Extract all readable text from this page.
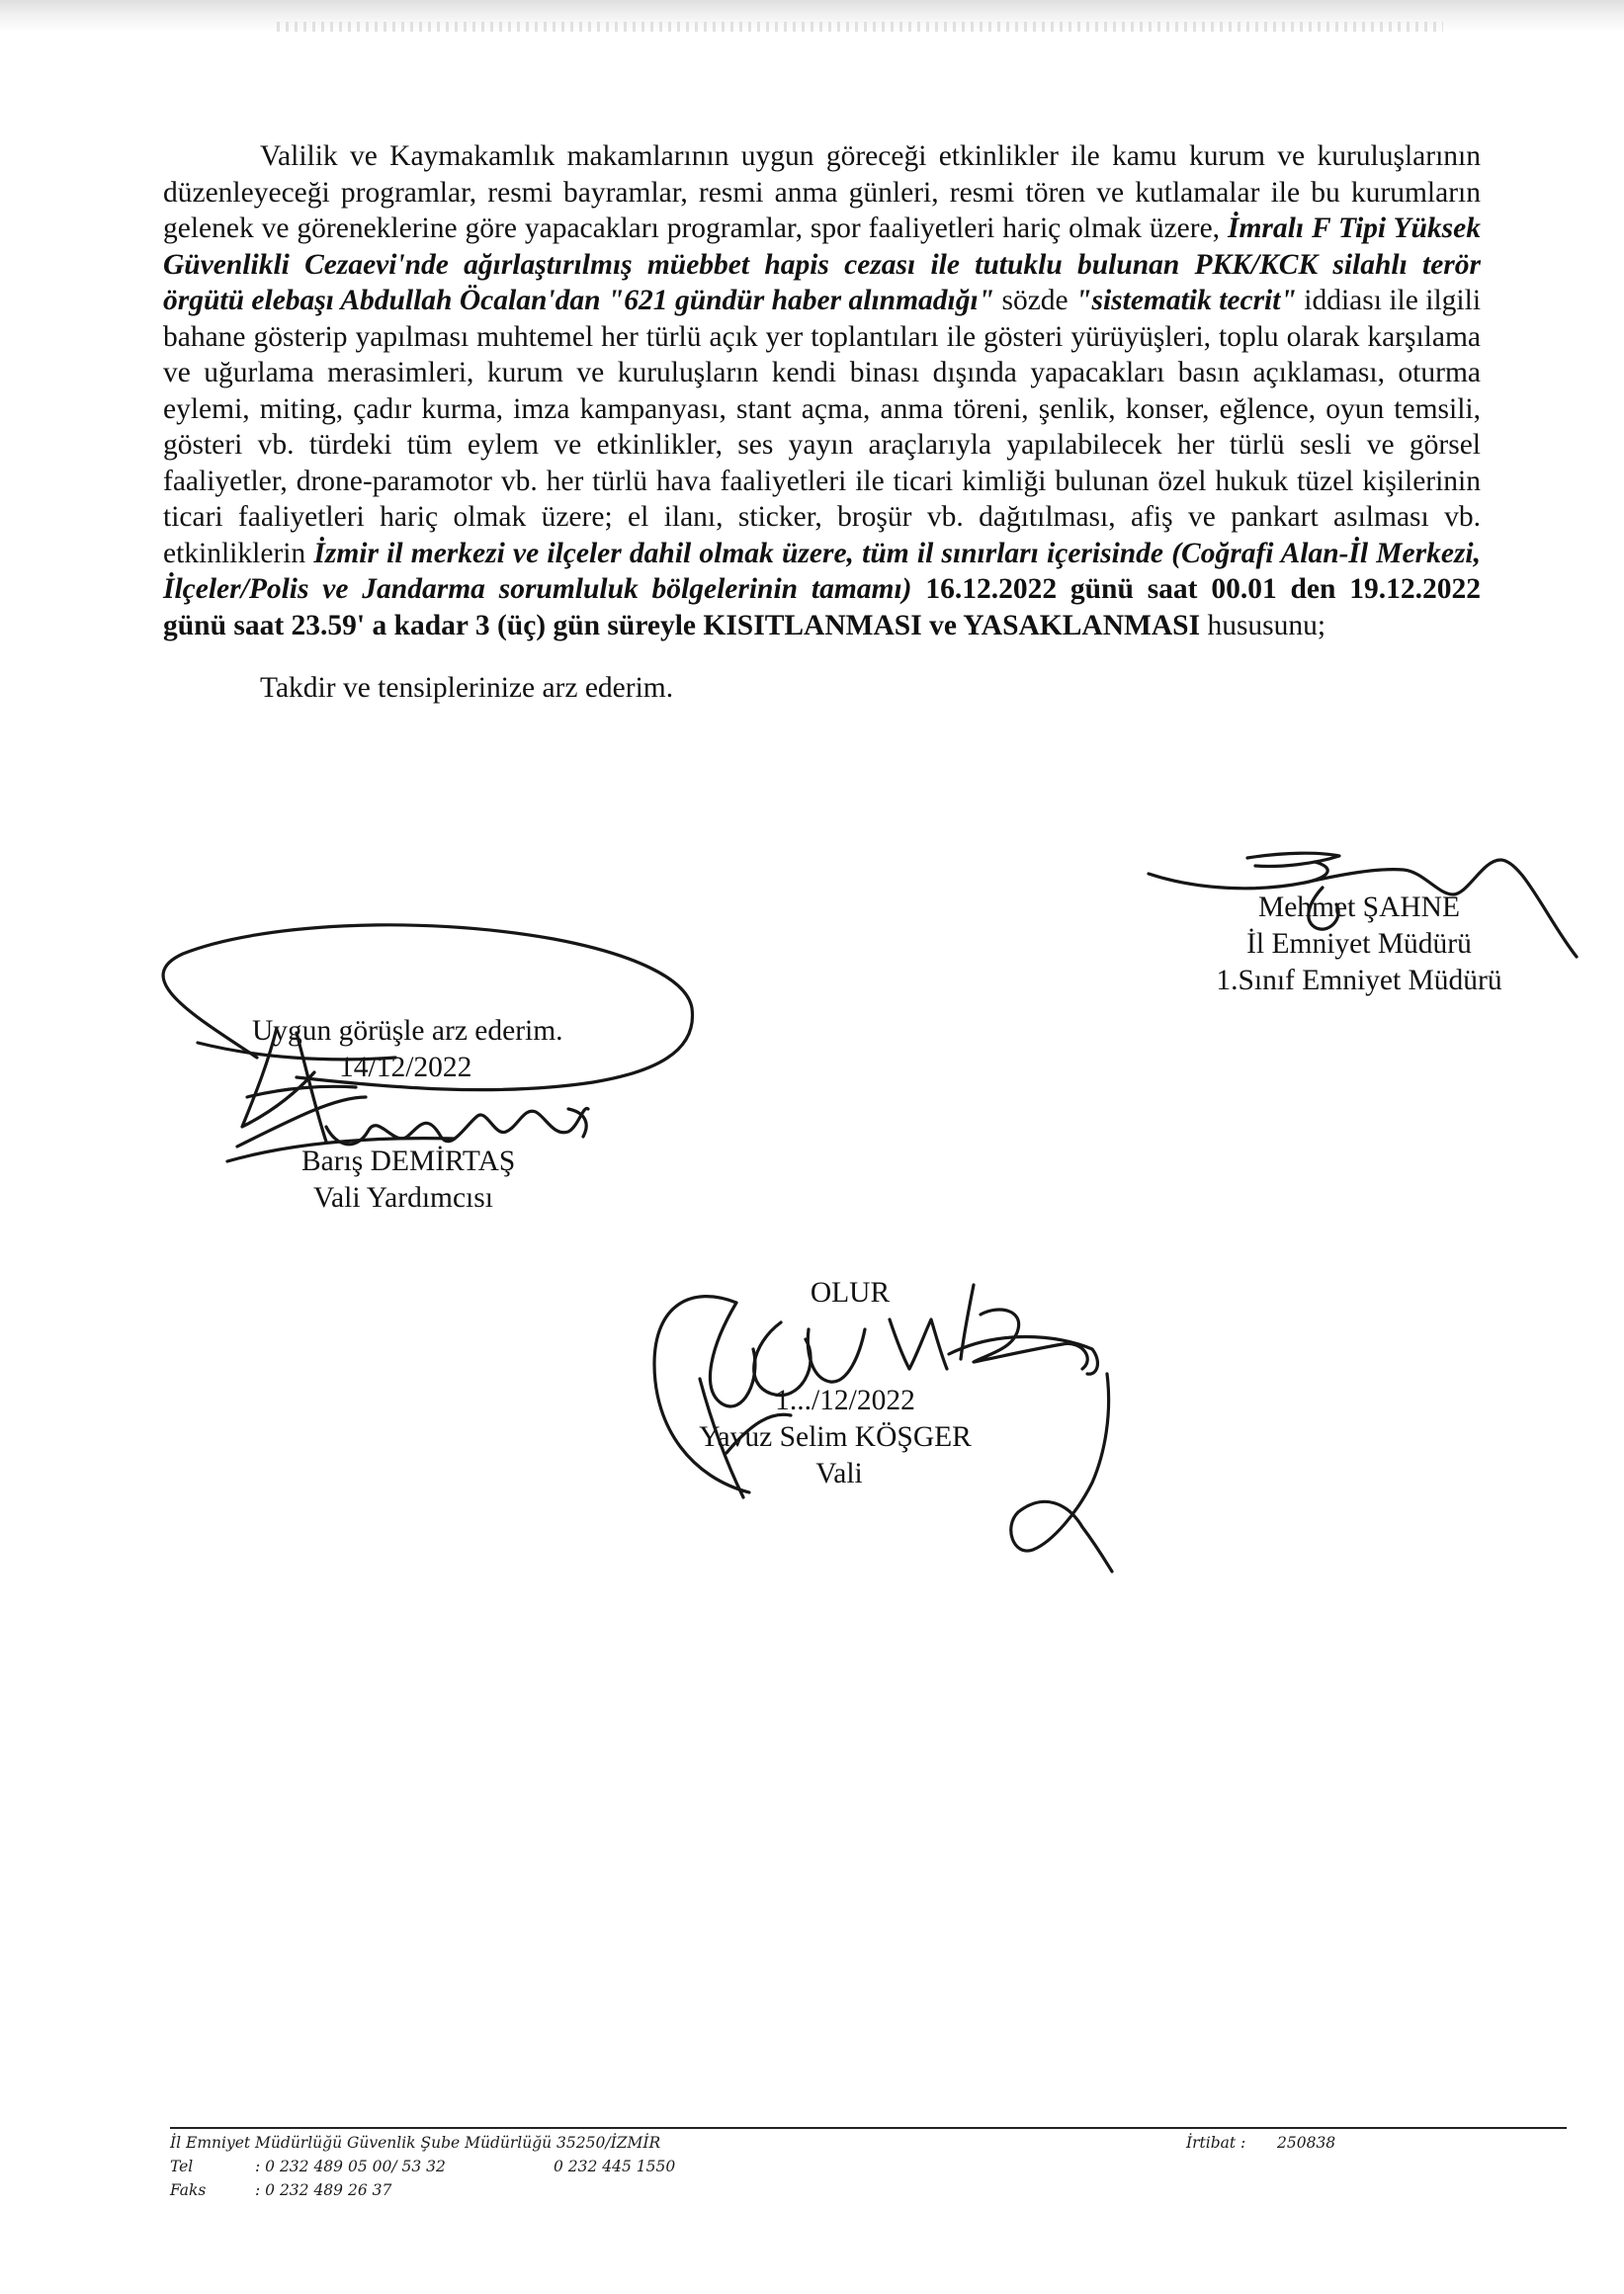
Valilik ve Kaymakamlık makamlarının uygun göreceği etkinlikler ile kamu kurum ve kuruluşlarının düzenleyeceği programlar, resmi bayramlar, resmi anma günleri, resmi tören ve kutlamalar ile bu kurumların gelenek ve göreneklerine göre yapacakları programlar, spor faaliyetleri hariç olmak üzere, İmralı F Tipi Yüksek Güvenlikli Cezaevi'nde ağırlaştırılmış müebbet hapis cezası ile tutuklu bulunan PKK/KCK silahlı terör örgütü elebaşı Abdullah Öcalan'dan "621 gündür haber alınmadığı" sözde "sistematik tecrit" iddiası ile ilgili bahane gösterip yapılması muhtemel her türlü açık yer toplantıları ile gösteri yürüyüşleri, toplu olarak karşılama ve uğurlama merasimleri, kurum ve kuruluşların kendi binası dışında yapacakları basın açıklaması, oturma eylemi, miting, çadır kurma, imza kampanyası, stant açma, anma töreni, şenlik, konser, eğlence, oyun temsili, gösteri vb. türdeki tüm eylem ve etkinlikler, ses yayın araçlarıyla yapılabilecek her türlü sesli ve görsel faaliyetler, drone-paramotor vb. her türlü hava faaliyetleri ile ticari kimliği bulunan özel hukuk tüzel kişilerinin ticari faaliyetleri hariç olmak üzere; el ilanı, sticker, broşür vb. dağıtılması, afiş ve pankart asılması vb. etkinliklerin İzmir il merkezi ve ilçeler dahil olmak üzere, tüm il sınırları içerisinde (Coğrafi Alan-İl Merkezi, İlçeler/Polis ve Jandarma sorumluluk bölgelerinin tamamı) 16.12.2022 günü saat 00.01 den 19.12.2022 günü saat 23.59' a kadar 3 (üç) gün süreyle KISITLANMASI ve YASAKLANMASI hususunu;

Takdir ve tensiplerinize arz ederim.

Mehmet ŞAHNE
İl Emniyet Müdürü
1.Sınıf Emniyet Müdürü
Uygun görüşle arz ederim.
14/12/2022
Barış DEMİRTAŞ
Vali Yardımcısı
OLUR
1.../12/2022
Yavuz Selim KÖŞGER
Vali
İl Emniyet Müdürlüğü Güvenlik Şube Müdürlüğü 35250/İZMİR
Tel	: 0 232 489 05 00/ 53 32	0 232 445 1550
Faks	: 0 232 489 26 37
İrtibat : 250838
